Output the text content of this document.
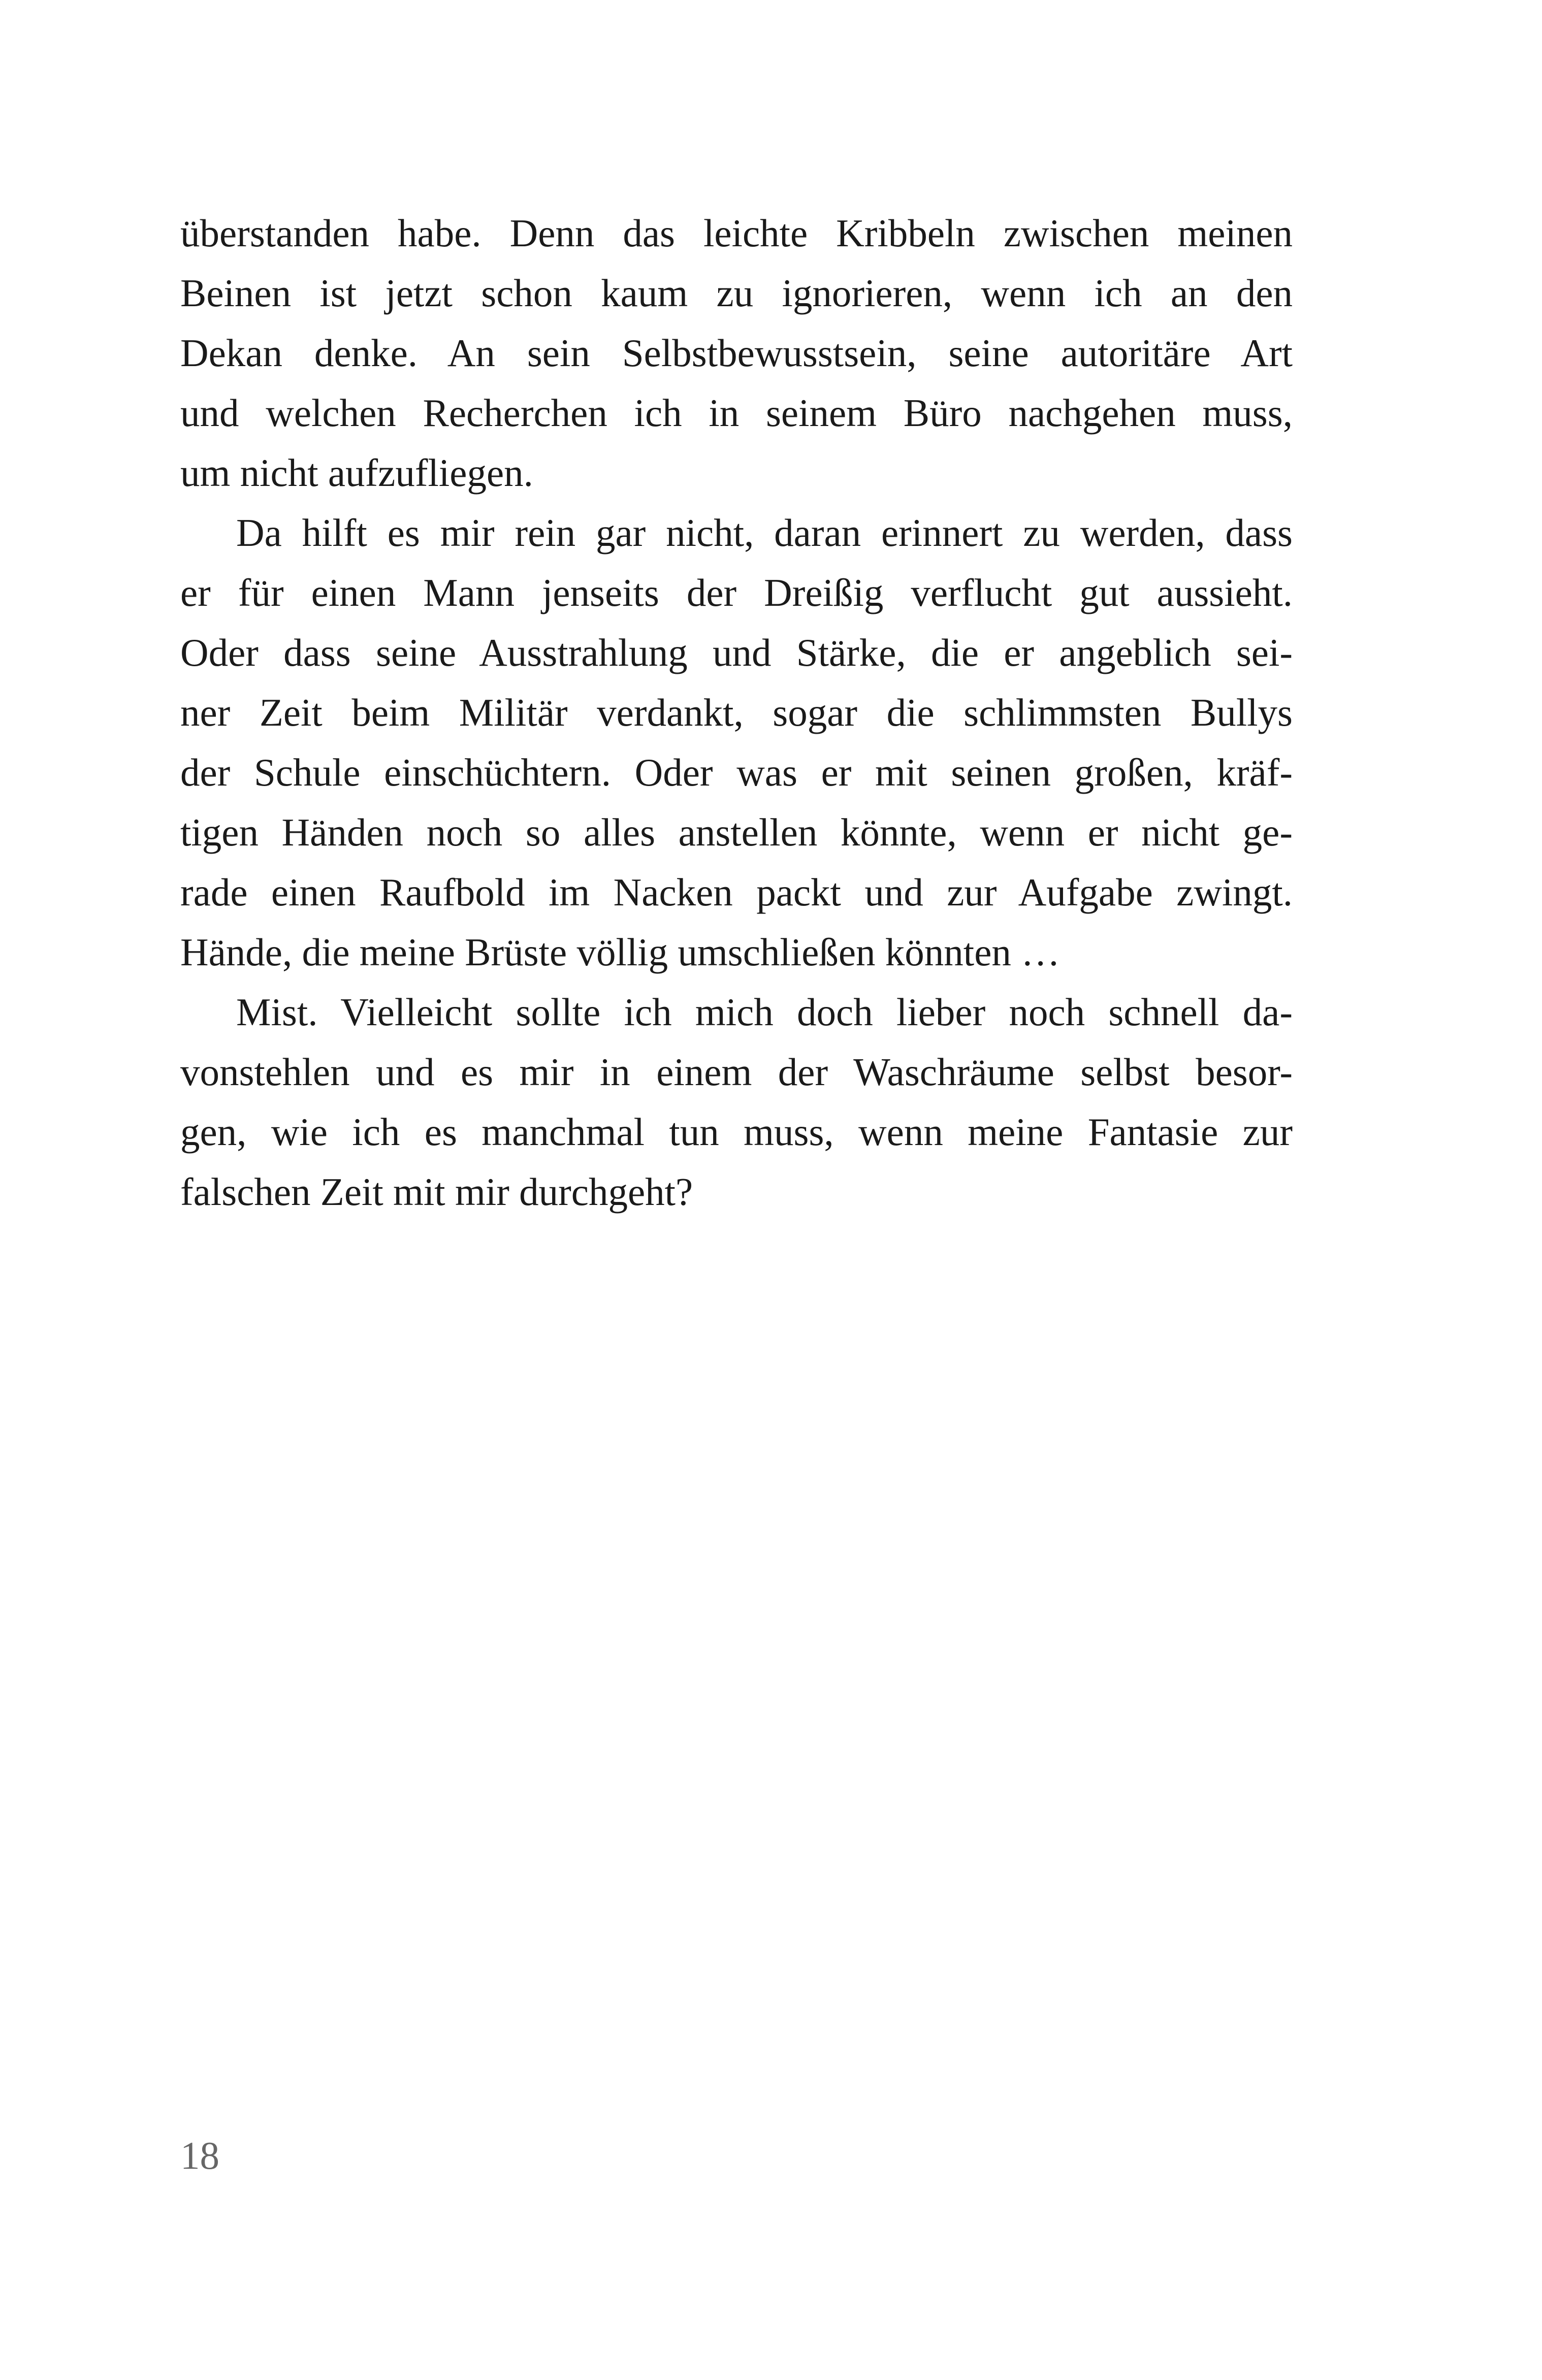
überstanden habe. Denn das leichte Kribbeln zwischen meinen
Beinen ist jetzt schon kaum zu ignorieren, wenn ich an den
Dekan denke. An sein Selbstbewusstsein, seine autoritäre Art
und welchen Recherchen ich in seinem Büro nachgehen muss,
um nicht aufzufliegen.

Da hilft es mir rein gar nicht, daran erinnert zu werden, dass
er für einen Mann jenseits der Dreißig verflucht gut aussieht.
Oder dass seine Ausstrahlung und Stärke, die er angeblich sei-
ner Zeit beim Militär verdankt, sogar die schlimmsten Bullys
der Schule einschüchtern. Oder was er mit seinen großen, kräf-
tigen Händen noch so alles anstellen könnte, wenn er nicht ge-
rade einen Raufbold im Nacken packt und zur Aufgabe zwingt.
Hände, die meine Brüste völlig umschließen könnten …

Mist. Vielleicht sollte ich mich doch lieber noch schnell da-
vonstehlen und es mir in einem der Waschräume selbst besor-
gen, wie ich es manchmal tun muss, wenn meine Fantasie zur
falschen Zeit mit mir durchgeht?

18
